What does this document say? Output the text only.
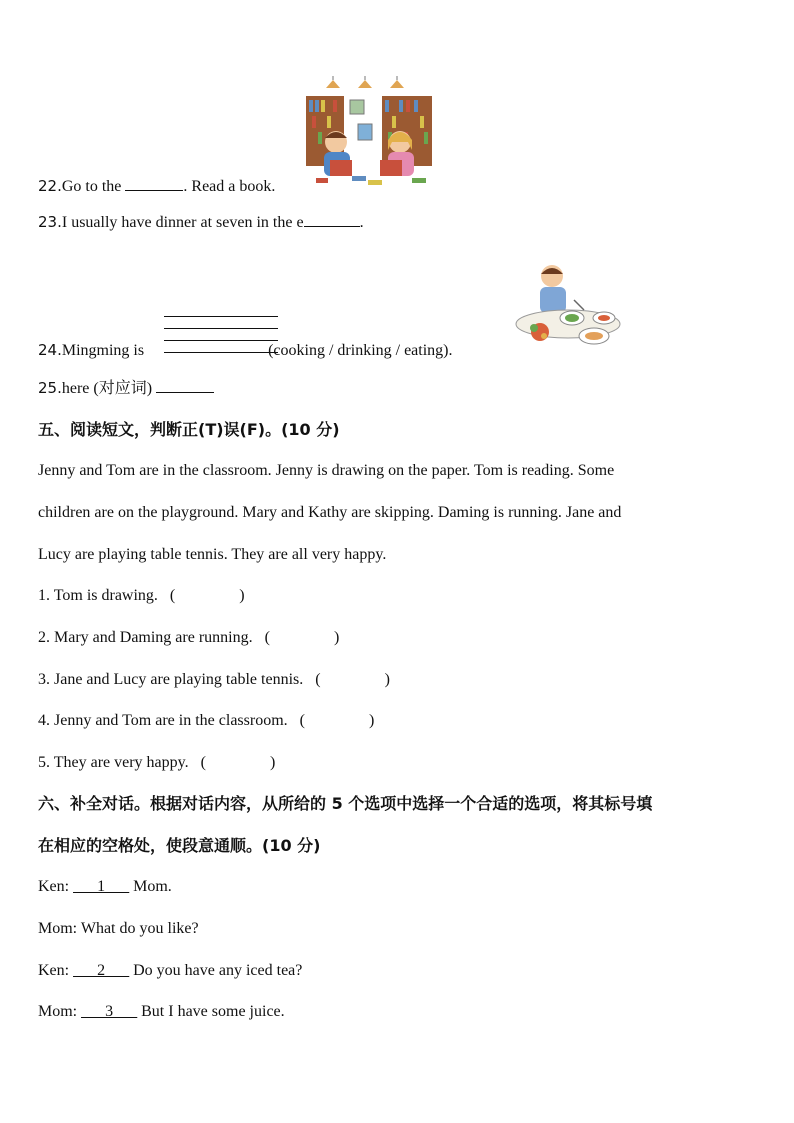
22.Go to the	. Read a book.
23.I usually have dinner at seven in the e	.
24.Mingming is	(cooking / drinking / eating).
25.here (对应词)
五、阅读短文，判断正(T)误(F)。(10 分)
Jenny and Tom are in the classroom. Jenny is drawing on the paper. Tom is reading. Some
children are on the playground. Mary and Kathy are skipping. Daming is running. Jane and
Lucy are playing table tennis. They are all very happy.
1. Tom is drawing. (　　　　)
2. Mary and Daming are running. (　　　　)
3. Jane and Lucy are playing table tennis. (　　　　)
4. Jenny and Tom are in the classroom. (　　　　)
5. They are very happy. (　　　　)
六、补全对话。根据对话内容，从所给的 5 个选项中选择一个合适的选项，将其标号填
在相应的空格处，使段意通顺。(10 分)
Ken: ___1___ Mom.
Mom: What do you like?
Ken: ___2___ Do you have any iced tea?
Mom: ___3___ But I have some juice.
